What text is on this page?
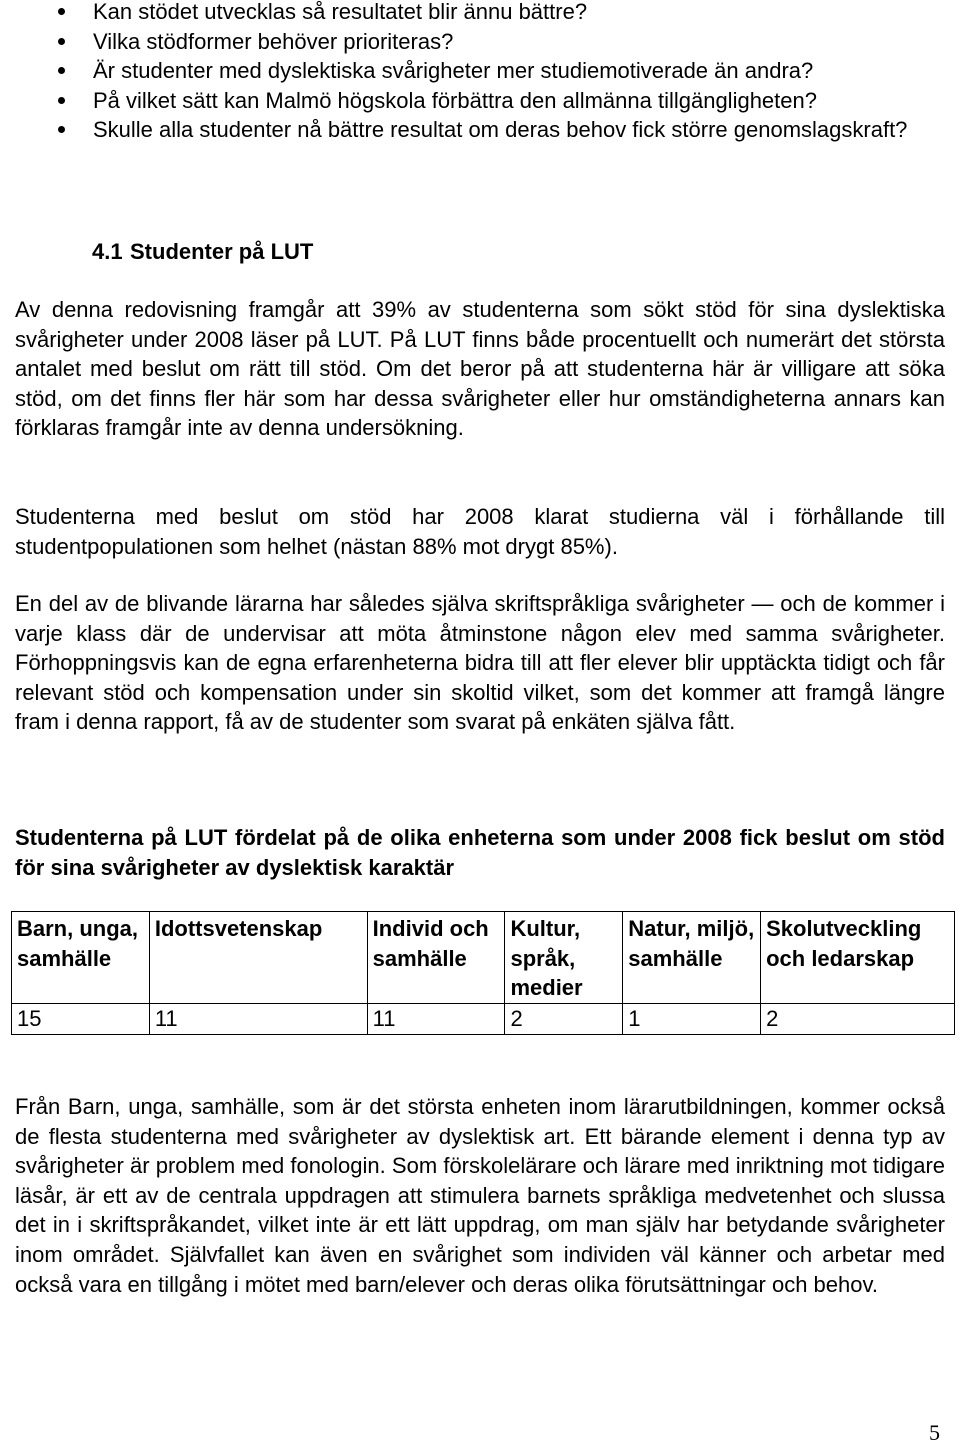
Kan stödet utvecklas så resultatet blir ännu bättre?
Vilka stödformer behöver prioriteras?
Är studenter med dyslektiska svårigheter mer studiemotiverade än andra?
På vilket sätt kan Malmö högskola förbättra den allmänna tillgängligheten?
Skulle alla studenter nå bättre resultat om deras behov fick större genomslagskraft?
4.1 Studenter på LUT

Av denna redovisning framgår att 39% av studenterna som sökt stöd för sina dyslektiska svårigheter under 2008 läser på LUT. På LUT finns både procentuellt och numerärt det största antalet med beslut om rätt till stöd. Om det beror på att studenterna här är villigare att söka stöd, om det finns fler här som har dessa svårigheter eller hur omständigheterna annars kan förklaras framgår inte av denna undersökning.

Studenterna med beslut om stöd har 2008 klarat studierna väl i förhållande till studentpopulationen som helhet (nästan 88% mot drygt 85%).

En del av de blivande lärarna har således själva skriftspråkliga svårigheter — och de kommer i varje klass där de undervisar att möta åtminstone någon elev med samma svårigheter. Förhoppningsvis kan de egna erfarenheterna bidra till att fler elever blir upptäckta tidigt och får relevant stöd och kompensation under sin skoltid vilket, som det kommer att framgå längre fram i denna rapport, få av de studenter som svarat på enkäten själva fått.

Studenterna på LUT fördelat på de olika enheterna som under 2008 fick beslut om stöd för sina svårigheter av dyslektisk karaktär

Barn, unga, samhälle	Idottsvetenskap	Individ och samhälle	Kultur, språk, medier	Natur, miljö, samhälle	Skolutveckling och ledarskap
15	11	11	2	1	2

Från Barn, unga, samhälle, som är det största enheten inom lärarutbildningen, kommer också de flesta studenterna med svårigheter av dyslektisk art. Ett bärande element i denna typ av svårigheter är problem med fonologin. Som förskolelärare och lärare med inriktning mot tidigare läsår, är ett av de centrala uppdragen att stimulera barnets språkliga medvetenhet och slussa det in i skriftspråkandet, vilket inte är ett lätt uppdrag, om man själv har betydande svårigheter inom området. Självfallet kan även en svårighet som individen väl känner och arbetar med också vara en tillgång i mötet med barn/elever och deras olika förutsättningar och behov.

5
